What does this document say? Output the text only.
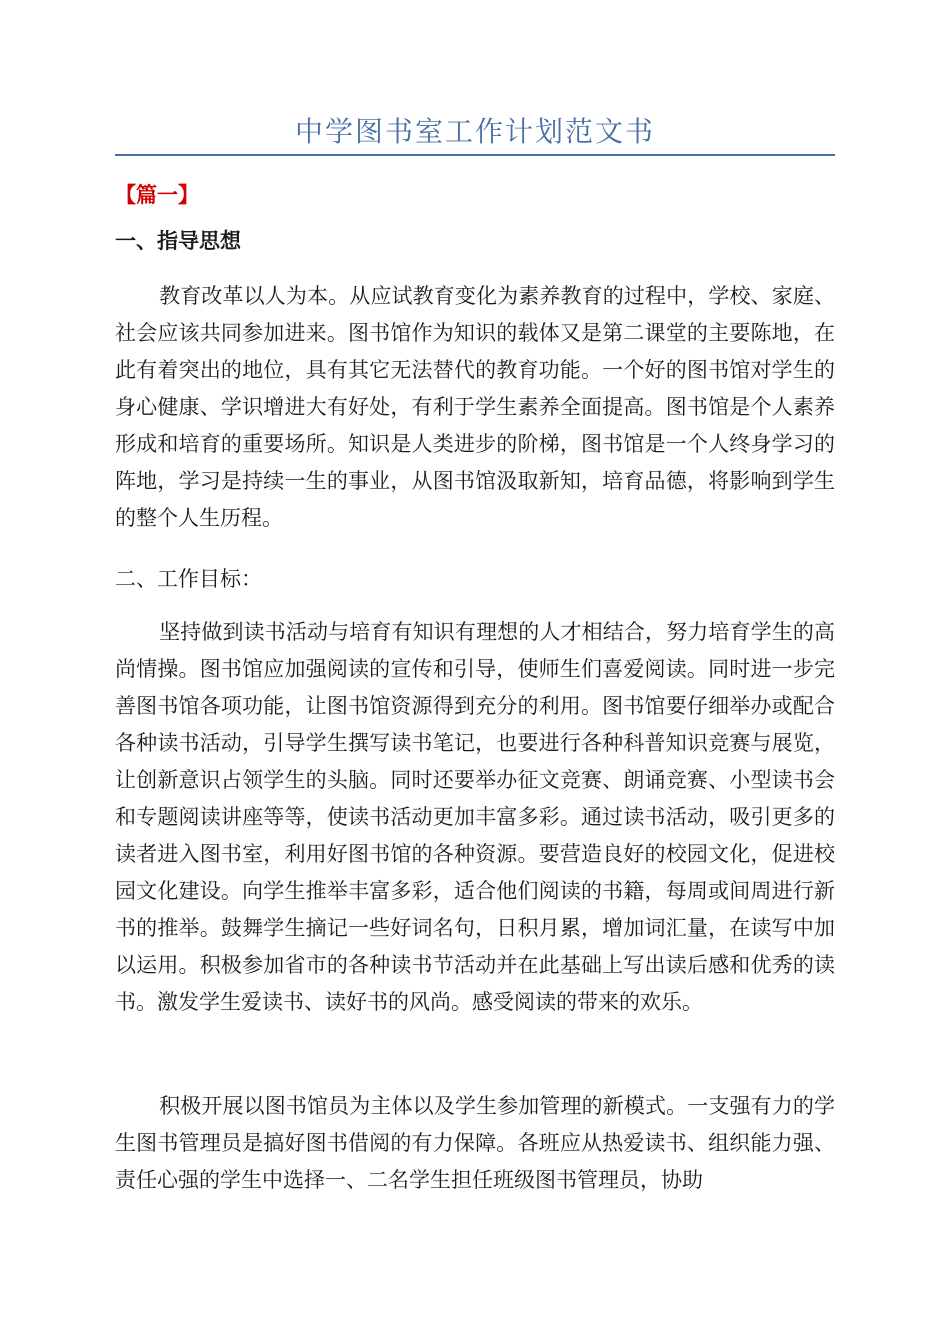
中学图书室工作计划范文书
【篇一】
一、指导思想

教育改革以人为本。从应试教育变化为素养教育的过程中，学校、家庭、社会应该共同参加进来。图书馆作为知识的载体又是第二课堂的主要陈地，在此有着突出的地位，具有其它无法替代的教育功能。一个好的图书馆对学生的身心健康、学识增进大有好处，有利于学生素养全面提高。图书馆是个人素养形成和培育的重要场所。知识是人类进步的阶梯，图书馆是一个人终身学习的阵地，学习是持续一生的事业，从图书馆汲取新知，培育品德，将影响到学生的整个人生历程。

二、工作目标：

坚持做到读书活动与培育有知识有理想的人才相结合，努力培育学生的高尚情操。图书馆应加强阅读的宣传和引导，使师生们喜爱阅读。同时进一步完善图书馆各项功能，让图书馆资源得到充分的利用。图书馆要仔细举办或配合各种读书活动，引导学生撰写读书笔记，也要进行各种科普知识竞赛与展览，让创新意识占领学生的头脑。同时还要举办征文竞赛、朗诵竞赛、小型读书会和专题阅读讲座等等，使读书活动更加丰富多彩。通过读书活动，吸引更多的读者进入图书室，利用好图书馆的各种资源。要营造良好的校园文化，促进校园文化建设。向学生推举丰富多彩，适合他们阅读的书籍，每周或间周进行新书的推举。鼓舞学生摘记一些好词名句，日积月累，增加词汇量，在读写中加以运用。积极参加省市的各种读书节活动并在此基础上写出读后感和优秀的读书。激发学生爱读书、读好书的风尚。感受阅读的带来的欢乐。

积极开展以图书馆员为主体以及学生参加管理的新模式。一支强有力的学生图书管理员是搞好图书借阅的有力保障。各班应从热爱读书、组织能力强、责任心强的学生中选择一、二名学生担任班级图书管理员，协助
